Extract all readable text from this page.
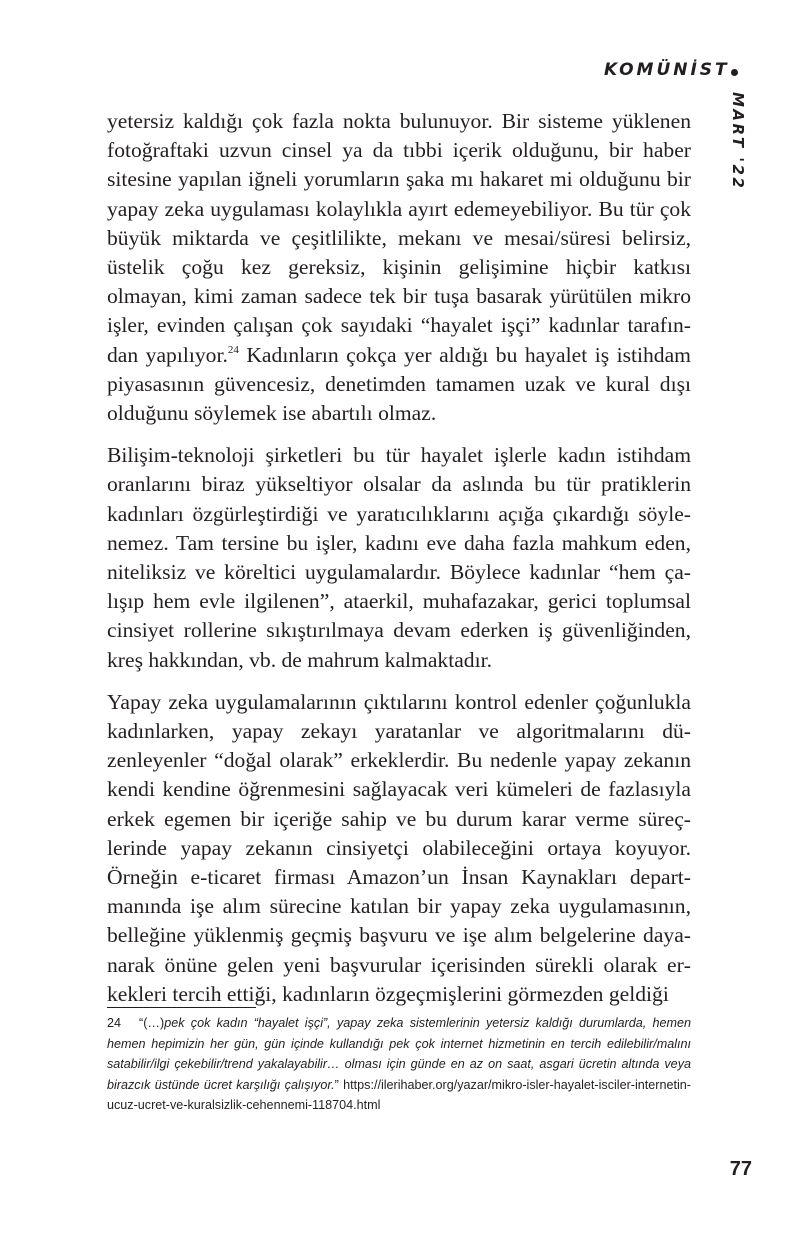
KOMÜNİST
MART '22

yetersiz kaldığı çok fazla nokta bulunuyor. Bir sisteme yüklenen fotoğraftaki uzvun cinsel ya da tıbbi içerik olduğunu, bir haber sitesine yapılan iğneli yorumların şaka mı hakaret mi olduğunu bir yapay zeka uygulaması kolaylıkla ayırt edemeyebiliyor. Bu tür çok büyük miktarda ve çeşitlilikte, mekanı ve mesai/süresi belirsiz, üstelik çoğu kez gereksiz, kişinin gelişimine hiçbir katkısı olmayan, kimi zaman sadece tek bir tuşa basarak yürütülen mikro işler, evinden çalışan çok sayıdaki “hayalet işçi” kadınlar tarafından yapılıyor.$^{24}$ Kadınların çokça yer aldığı bu hayalet iş istihdam piyasasının güvencesiz, denetimden tamamen uzak ve kural dışı olduğunu söylemek ise abartılı olmaz.

Bilişim-teknoloji şirketleri bu tür hayalet işlerle kadın istihdam oranlarını biraz yükseltiyor olsalar da aslında bu tür pratiklerin kadınları özgürleştirdiği ve yaratıcılıklarını açığa çıkardığı söylenemez. Tam tersine bu işler, kadını eve daha fazla mahkum eden, niteliksiz ve köreltici uygulamalardır. Böylece kadınlar “hem çalışıp hem evle ilgilenen”, ataerkil, muhafazakar, gerici toplumsal cinsiyet rollerine sıkıştırılmaya devam ederken iş güvenliğinden, kreş hakkından, vb. de mahrum kalmaktadır.

Yapay zeka uygulamalarının çıktılarını kontrol edenler çoğunlukla kadınlarken, yapay zekayı yaratanlar ve algoritmalarını düzenleyenler “doğal olarak” erkeklerdir. Bu nedenle yapay zekanın kendi kendine öğrenmesini sağlayacak veri kümeleri de fazlasıyla erkek egemen bir içeriğe sahip ve bu durum karar verme süreçlerinde yapay zekanın cinsiyetçi olabileceğini ortaya koyuyor. Örneğin e-ticaret firması Amazon’un İnsan Kaynakları departmanında işe alım sürecine katılan bir yapay zeka uygulamasının, belleğine yüklenmiş geçmiş başvuru ve işe alım belgelerine dayanarak önüne gelen yeni başvurular içerisinden sürekli olarak erkekleri tercih ettiği, kadınların özgeçmişlerini görmezden geldiği

24 “(…)pek çok kadın “hayalet işçi”, yapay zeka sistemlerinin yetersiz kaldığı durumlarda, hemen hemen hepimizin her gün, gün içinde kullandığı pek çok internet hizmetinin en tercih edilebilir/malını satabilir/ilgi çekebilir/trend yakalayabilir… olması için günde en az on saat, asgari ücretin altında veya birazcık üstünde ücret karşılığı çalışıyor.” https://ilerihaber.org/yazar/mikro-isler-hayalet-isciler-internetin-ucuz-ucret-ve-kuralsizlik-cehennemi-118704.html
77
